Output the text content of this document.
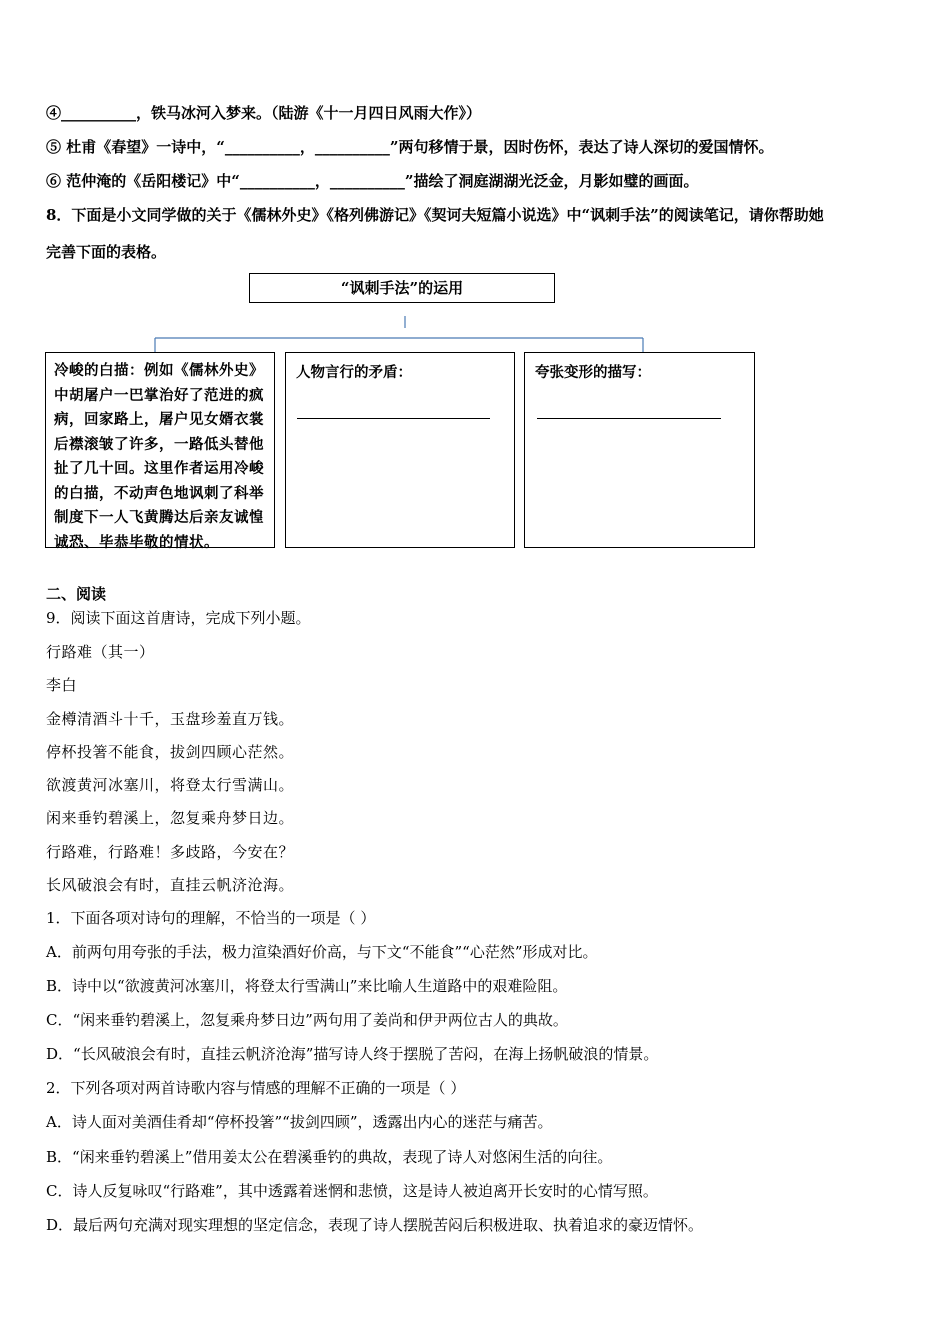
④__________，铁马冰河入梦来。（陆游《十一月四日风雨大作》）
⑤ 杜甫《春望》一诗中，“__________，__________”两句移情于景，因时伤怀，表达了诗人深切的爱国情怀。
⑥ 范仲淹的《岳阳楼记》中“__________，__________”描绘了洞庭湖湖光泛金，月影如璧的画面。
8．下面是小文同学做的关于《儒林外史》《格列佛游记》《契诃夫短篇小说选》中“讽刺手法”的阅读笔记，请你帮助她
完善下面的表格。
“讽刺手法”的运用
冷峻的白描：例如《儒林外史》中胡屠户一巴掌治好了范进的疯病，回家路上，屠户见女婿衣裳后襟滚皱了许多，一路低头替他扯了几十回。这里作者运用冷峻的白描，不动声色地讽刺了科举制度下一人飞黄腾达后亲友诚惶诚恐、毕恭毕敬的情状。
人物言行的矛盾：	夸张变形的描写：
二、阅读
9．阅读下面这首唐诗，完成下列小题。
行路难（其一）
李白
金樽清酒斗十千，玉盘珍羞直万钱。
停杯投箸不能食，拔剑四顾心茫然。
欲渡黄河冰塞川，将登太行雪满山。
闲来垂钓碧溪上，忽复乘舟梦日边。
行路难，行路难！多歧路，今安在？
长风破浪会有时，直挂云帆济沧海。
1．下面各项对诗句的理解，不恰当的一项是（ ）
A．前两句用夸张的手法，极力渲染酒好价高，与下文“不能食”“心茫然”形成对比。
B．诗中以“欲渡黄河冰塞川，将登太行雪满山”来比喻人生道路中的艰难险阻。
C．“闲来垂钓碧溪上，忽复乘舟梦日边”两句用了姜尚和伊尹两位古人的典故。
D．“长风破浪会有时，直挂云帆济沧海”描写诗人终于摆脱了苦闷，在海上扬帆破浪的情景。
2．下列各项对两首诗歌内容与情感的理解不正确的一项是（ ）
A．诗人面对美酒佳肴却“停杯投箸”“拔剑四顾”，透露出内心的迷茫与痛苦。
B．“闲来垂钓碧溪上”借用姜太公在碧溪垂钓的典故，表现了诗人对悠闲生活的向往。
C．诗人反复咏叹“行路难”，其中透露着迷惘和悲愤，这是诗人被迫离开长安时的心情写照。
D．最后两句充满对现实理想的坚定信念，表现了诗人摆脱苦闷后积极进取、执着追求的豪迈情怀。
